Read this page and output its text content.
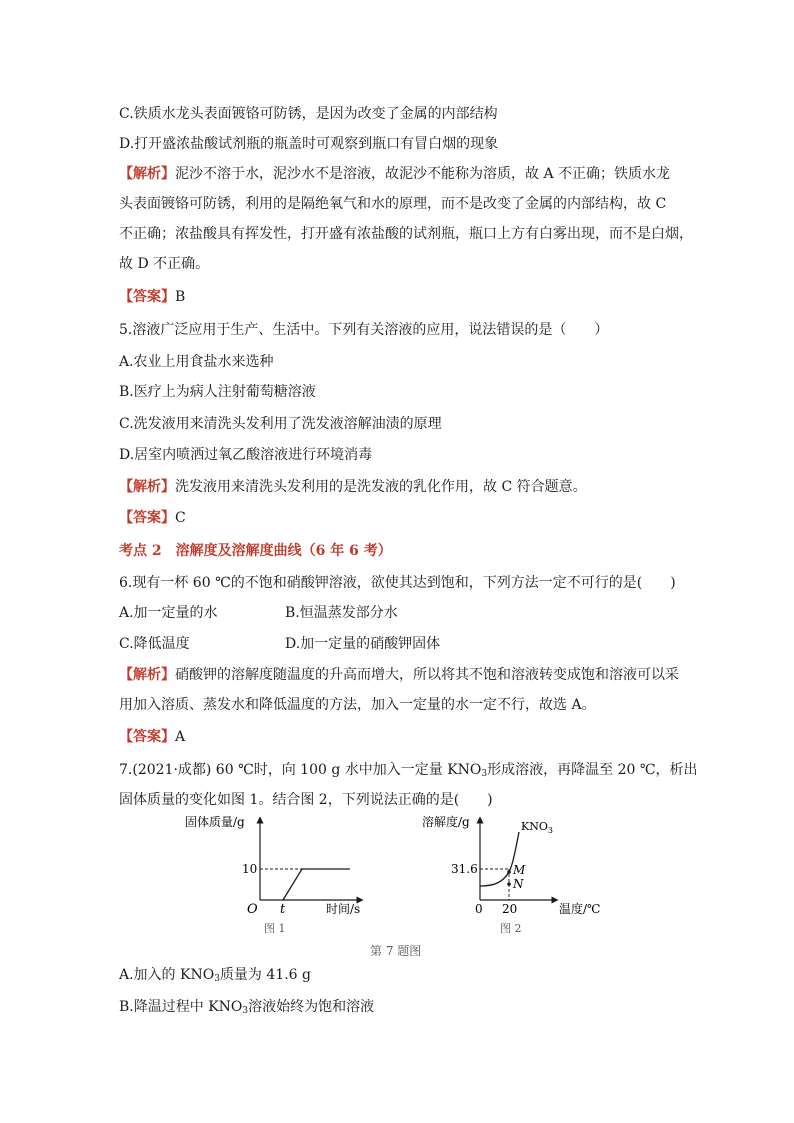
C.铁质水龙头表面镀铬可防锈，是因为改变了金属的内部结构
D.打开盛浓盐酸试剂瓶的瓶盖时可观察到瓶口有冒白烟的现象
【解析】泥沙不溶于水，泥沙水不是溶液，故泥沙不能称为溶质，故 A 不正确；铁质水龙
头表面镀铬可防锈，利用的是隔绝氧气和水的原理，而不是改变了金属的内部结构，故 C
不正确；浓盐酸具有挥发性，打开盛有浓盐酸的试剂瓶，瓶口上方有白雾出现，而不是白烟，
故 D 不正确。
【答案】B
5.溶液广泛应用于生产、生活中。下列有关溶液的应用，说法错误的是（　　）
A.农业上用食盐水来选种
B.医疗上为病人注射葡萄糖溶液
C.洗发液用来清洗头发利用了洗发液溶解油渍的原理
D.居室内喷洒过氧乙酸溶液进行环境消毒
【解析】洗发液用来清洗头发利用的是洗发液的乳化作用，故 C 符合题意。
【答案】C
考点 2　溶解度及溶解度曲线（6 年 6 考）
6.现有一杯 60 ℃的不饱和硝酸钾溶液，欲使其达到饱和，下列方法一定不可行的是(　　)
A.加一定量的水	B.恒温蒸发部分水
C.降低温度	D.加一定量的硝酸钾固体
【解析】硝酸钾的溶解度随温度的升高而增大，所以将其不饱和溶液转变成饱和溶液可以采
用加入溶质、蒸发水和降低温度的方法，加入一定量的水一定不行，故选 A。
【答案】A
7.(2021·成都) 60 ℃时，向 100 g 水中加入一定量 $KNO_3$形成溶液，再降温至 20 ℃，析出
固体质量的变化如图 1。结合图 2，下列说法正确的是(　　)
固体质量/g
10
O t	时间/s
图 1
溶解度/g	$KNO_3$
31.6	M
N
0 20	温度/℃
图 2
第 7 题图
A.加入的 $KNO_3$质量为 41.6 g
B.降温过程中 $KNO_3$溶液始终为饱和溶液
